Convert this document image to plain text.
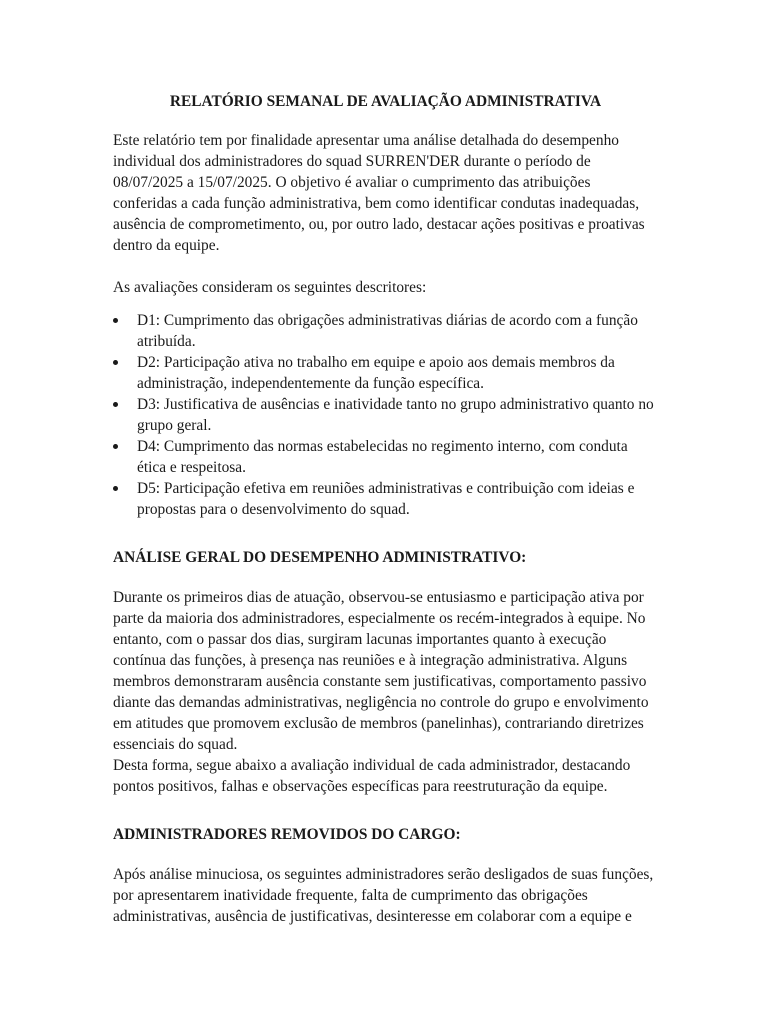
RELATÓRIO SEMANAL DE AVALIAÇÃO ADMINISTRATIVA

Este relatório tem por finalidade apresentar uma análise detalhada do desempenho individual dos administradores do squad SURREN'DER durante o período de 08/07/2025 a 15/07/2025. O objetivo é avaliar o cumprimento das atribuições conferidas a cada função administrativa, bem como identificar condutas inadequadas, ausência de comprometimento, ou, por outro lado, destacar ações positivas e proativas dentro da equipe.

As avaliações consideram os seguintes descritores:

D1: Cumprimento das obrigações administrativas diárias de acordo com a função atribuída.
D2: Participação ativa no trabalho em equipe e apoio aos demais membros da administração, independentemente da função específica.
D3: Justificativa de ausências e inatividade tanto no grupo administrativo quanto no grupo geral.
D4: Cumprimento das normas estabelecidas no regimento interno, com conduta ética e respeitosa.
D5: Participação efetiva em reuniões administrativas e contribuição com ideias e propostas para o desenvolvimento do squad.
ANÁLISE GERAL DO DESEMPENHO ADMINISTRATIVO:

Durante os primeiros dias de atuação, observou-se entusiasmo e participação ativa por parte da maioria dos administradores, especialmente os recém-integrados à equipe. No entanto, com o passar dos dias, surgiram lacunas importantes quanto à execução contínua das funções, à presença nas reuniões e à integração administrativa. Alguns membros demonstraram ausência constante sem justificativas, comportamento passivo diante das demandas administrativas, negligência no controle do grupo e envolvimento em atitudes que promovem exclusão de membros (panelinhas), contrariando diretrizes essenciais do squad.

Desta forma, segue abaixo a avaliação individual de cada administrador, destacando pontos positivos, falhas e observações específicas para reestruturação da equipe.

ADMINISTRADORES REMOVIDOS DO CARGO:

Após análise minuciosa, os seguintes administradores serão desligados de suas funções, por apresentarem inatividade frequente, falta de cumprimento das obrigações administrativas, ausência de justificativas, desinteresse em colaborar com a equipe e
